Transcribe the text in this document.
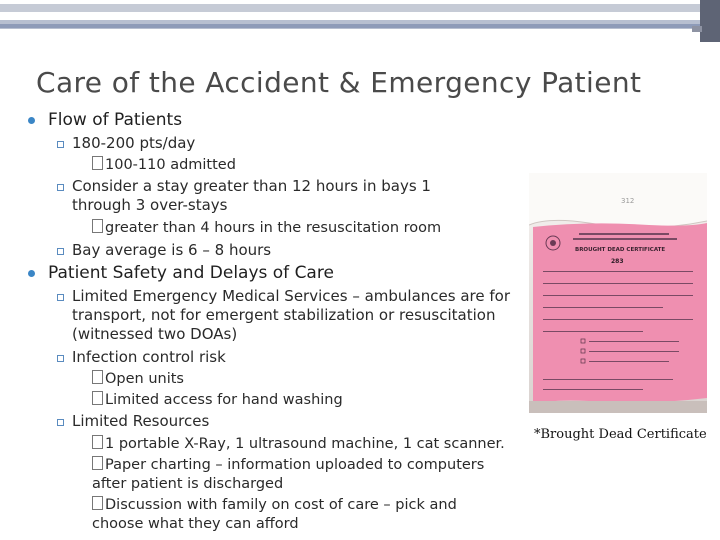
Care of the Accident & Emergency Patient
Flow of Patients
180-200 pts/day
100-110 admitted
Consider a stay greater than 12 hours in bays 1 through 3 over-stays
greater than 4 hours in the resuscitation room
Bay average is 6 – 8 hours
Patient Safety and Delays of Care
Limited Emergency Medical Services – ambulances are for transport, not for emergent stabilization or resuscitation (witnessed two DOAs)
Infection control risk
Open units
Limited access for hand washing
Limited Resources
1 portable X-Ray, 1 ultrasound machine, 1 cat scanner.
Paper charting – information uploaded to computers after patient is discharged
Discussion with family on cost of care – pick and choose what they can afford
312
BROUGHT DEAD CERTIFICATE
283
*Brought Dead Certificate
